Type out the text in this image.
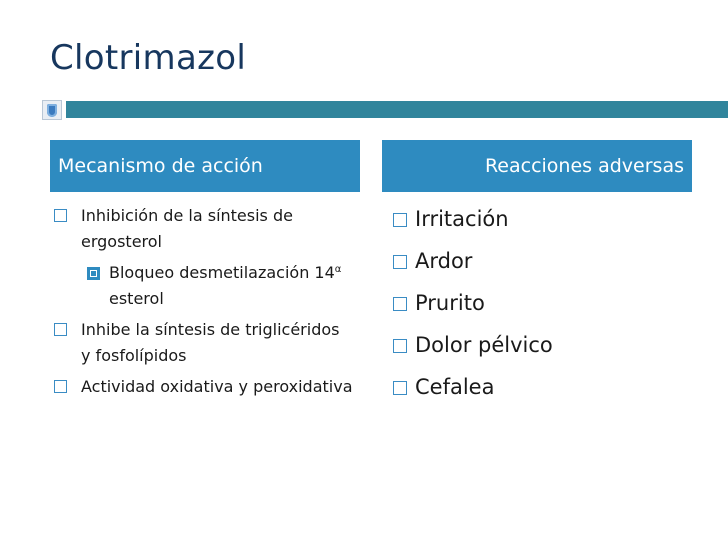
Clotrimazol
Mecanismo de acción	Reacciones adversas
Inhibición de la síntesis de ergosterol
Bloqueo desmetilazación $14^\alpha$ esterol
Inhibe la síntesis de triglicéridos y fosfolípidos
Actividad oxidativa y peroxidativa
Irritación
Ardor
Prurito
Dolor pélvico
Cefalea
